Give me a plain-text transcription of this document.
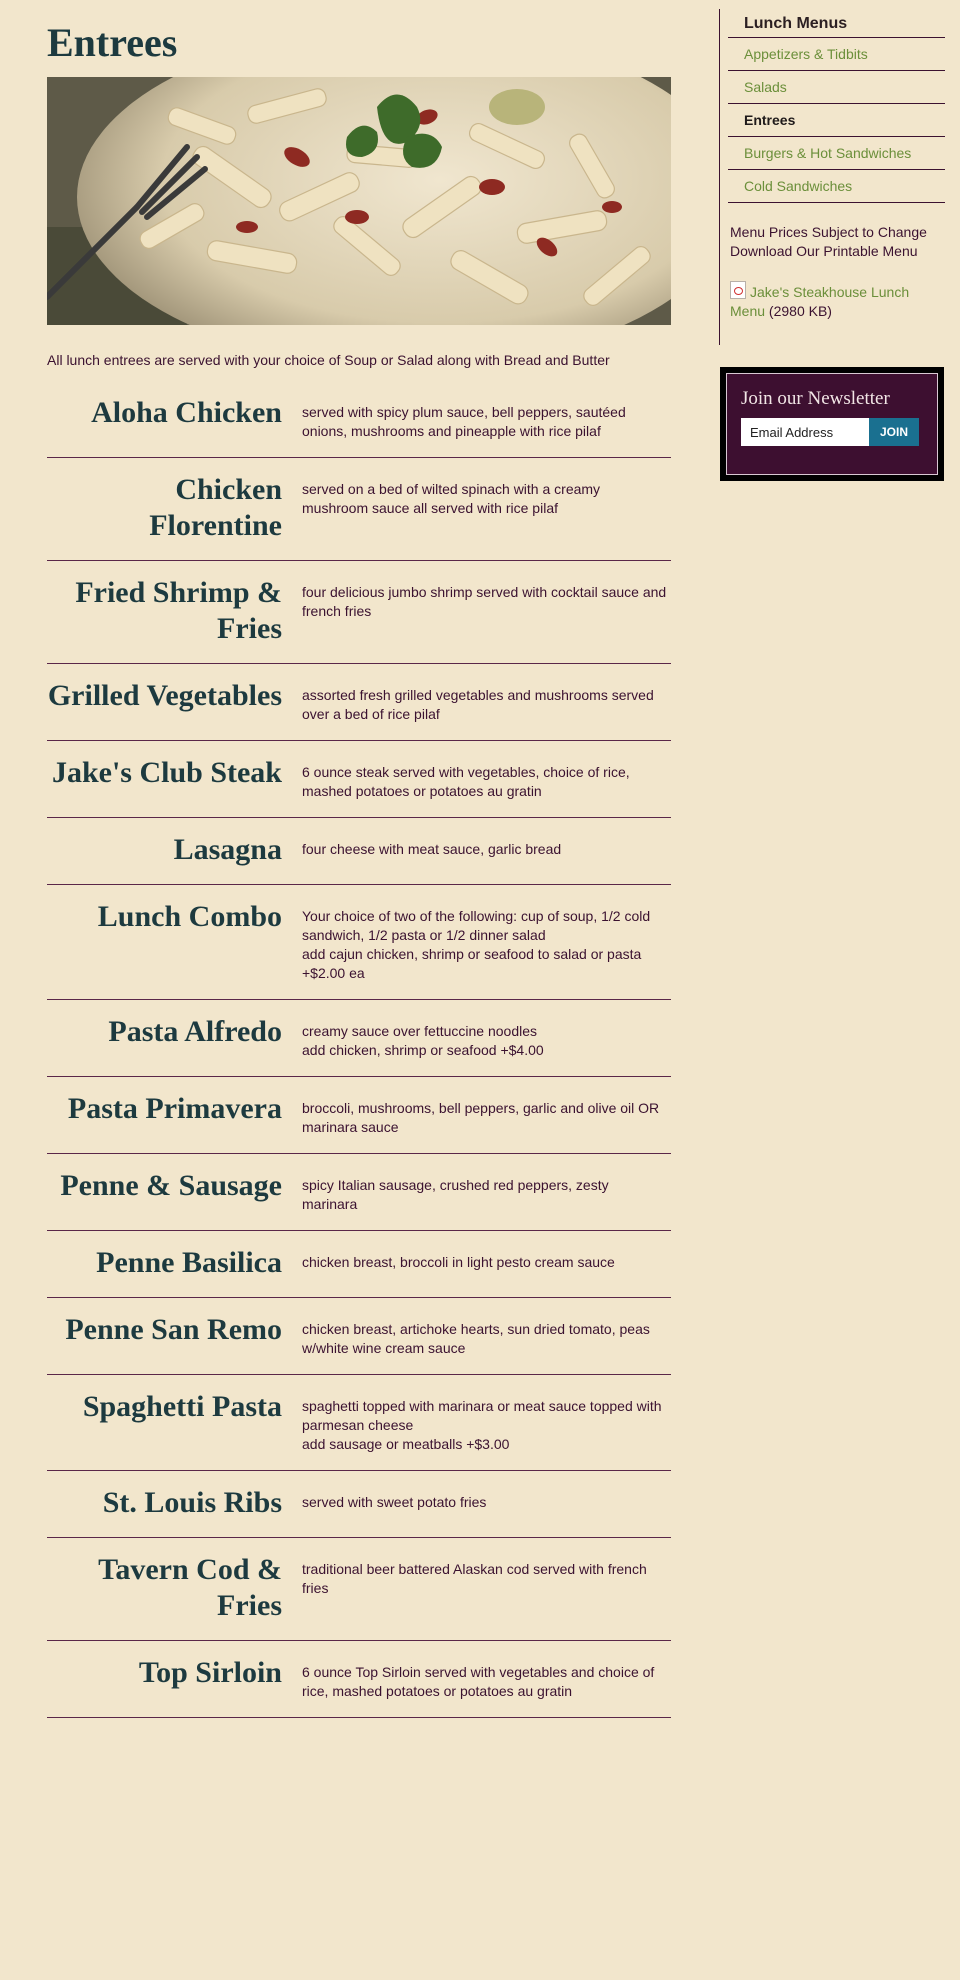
Entrees

All lunch entrees are served with your choice of Soup or Salad along with Bread and Butter

Aloha Chicken served with spicy plum sauce, bell peppers, sautéed onions, mushrooms and pineapple with rice pilaf
Chicken Florentine
served on a bed of wilted spinach with a creamy mushroom sauce all served with rice pilaf
Fried Shrimp & Fries
four delicious jumbo shrimp served with cocktail sauce and french fries
Grilled Vegetables assorted fresh grilled vegetables and mushrooms served over a bed of rice pilaf
Jake's Club Steak 6 ounce steak served with vegetables, choice of rice, mashed potatoes or potatoes au gratin
Lasagna four cheese with meat sauce, garlic bread
Lunch Combo Your choice of two of the following: cup of soup, 1/2 cold sandwich, 1/2 pasta or 1/2 dinner salad
add cajun chicken, shrimp or seafood to salad or pasta +$2.00 ea
Pasta Alfredo creamy sauce over fettuccine noodles
add chicken, shrimp or seafood +$4.00
Pasta Primavera broccoli, mushrooms, bell peppers, garlic and olive oil OR marinara sauce
Penne & Sausage spicy Italian sausage, crushed red peppers, zesty marinara
Penne Basilica chicken breast, broccoli in light pesto cream sauce
Penne San Remo chicken breast, artichoke hearts, sun dried tomato, peas w/white wine cream sauce
Spaghetti Pasta spaghetti topped with marinara or meat sauce topped with parmesan cheese
add sausage or meatballs +$3.00
St. Louis Ribs served with sweet potato fries
Tavern Cod & Fries
traditional beer battered Alaskan cod served with french fries
Top Sirloin 6 ounce Top Sirloin served with vegetables and choice of rice, mashed potatoes or potatoes au gratin
Lunch Menus
Appetizers & Tidbits
Salads
Entrees
Burgers & Hot Sandwiches
Cold Sandwiches
Menu Prices Subject to Change
Download Our Printable Menu
Jake's Steakhouse Lunch Menu (2980 KB)
Join our Newsletter
Email Address
JOIN
